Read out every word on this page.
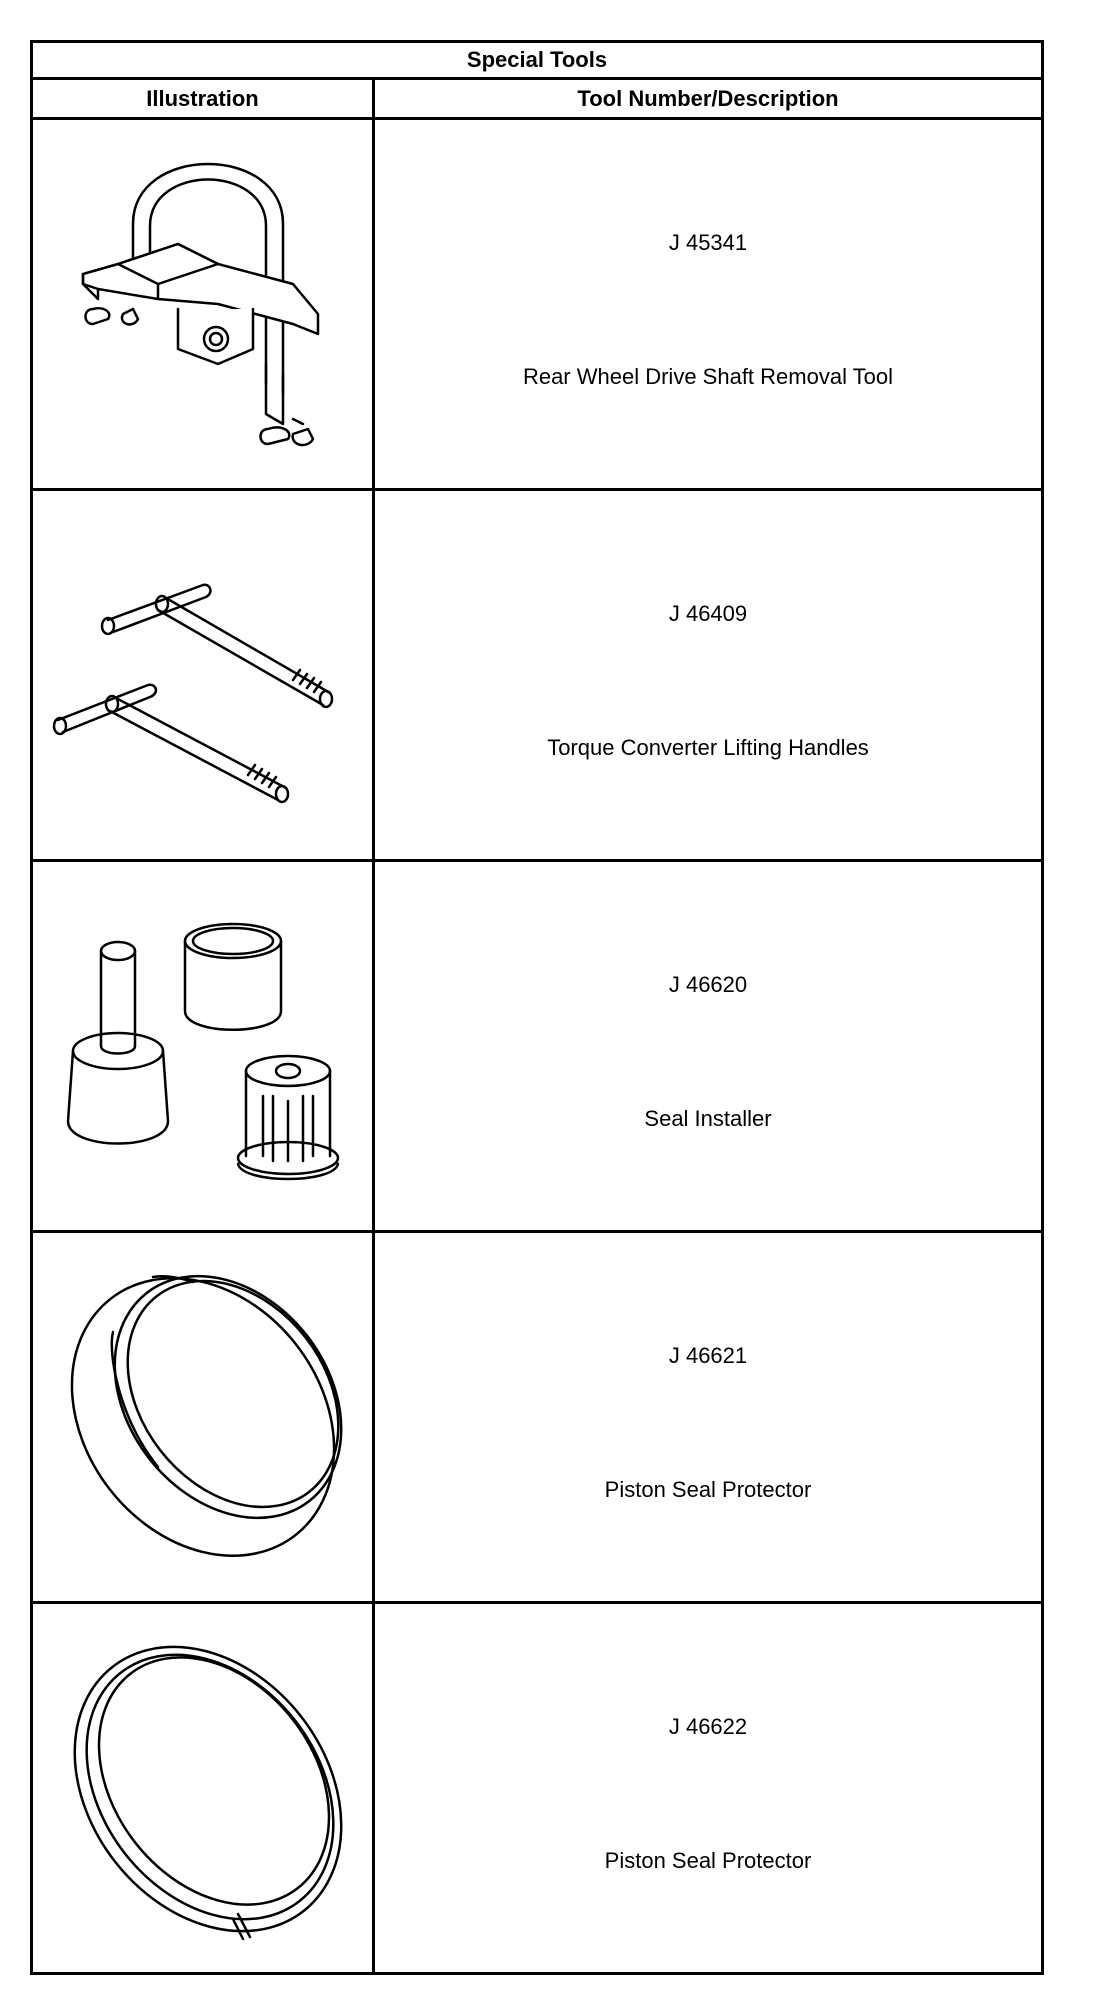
Special Tools
Illustration	Tool Number/Description
J 45341
Rear Wheel Drive Shaft Removal Tool
J 46409
Torque Converter Lifting Handles
J 46620
Seal Installer
J 46621
Piston Seal Protector
J 46622
Piston Seal Protector
